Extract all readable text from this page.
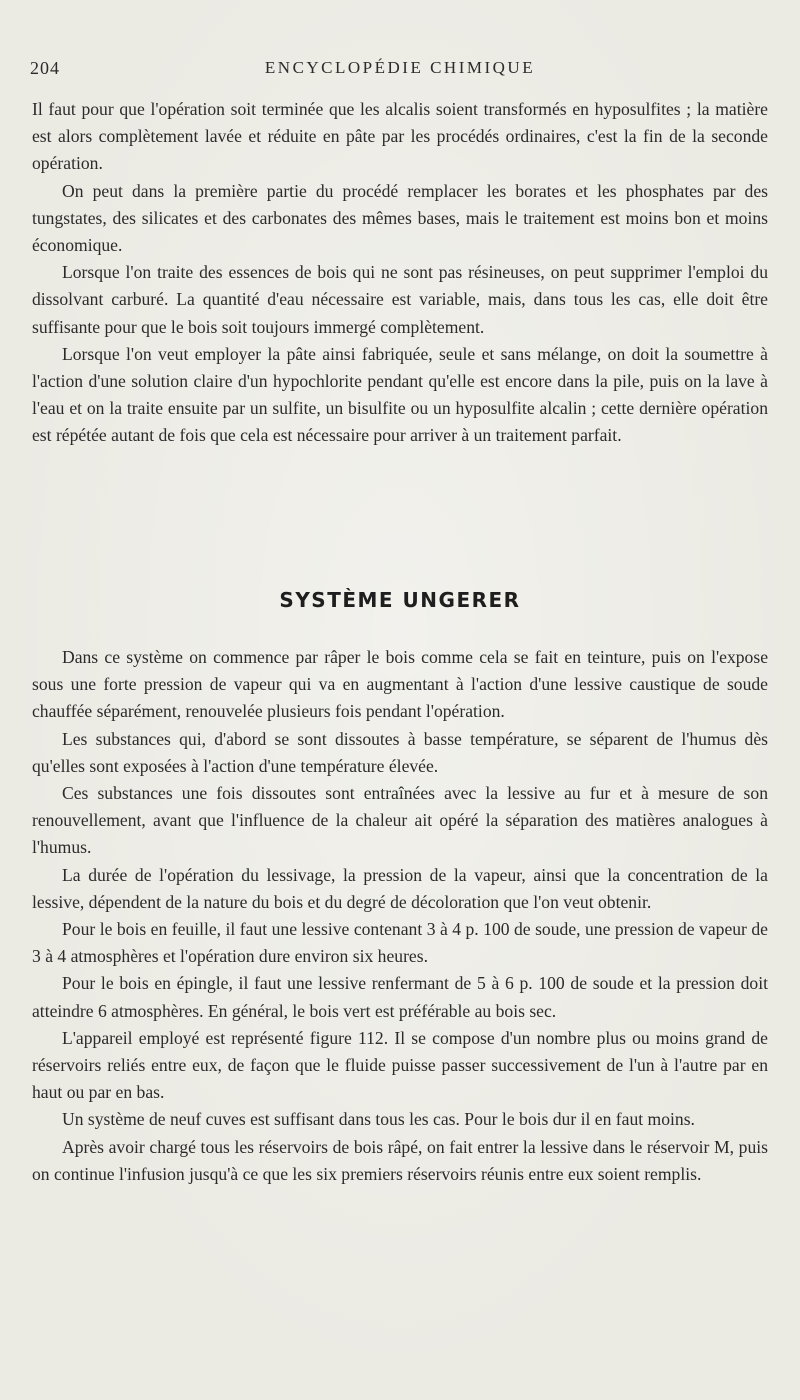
204	ENCYCLOPÉDIE CHIMIQUE

Il faut pour que l'opération soit terminée que les alcalis soient transformés en hyposulfites ; la matière est alors complètement lavée et réduite en pâte par les procédés ordinaires, c'est la fin de la seconde opération.

On peut dans la première partie du procédé remplacer les borates et les phosphates par des tungstates, des silicates et des carbonates des mêmes bases, mais le traitement est moins bon et moins économique.

Lorsque l'on traite des essences de bois qui ne sont pas résineuses, on peut supprimer l'emploi du dissolvant carburé. La quantité d'eau nécessaire est variable, mais, dans tous les cas, elle doit être suffisante pour que le bois soit toujours immergé complètement.

Lorsque l'on veut employer la pâte ainsi fabriquée, seule et sans mélange, on doit la soumettre à l'action d'une solution claire d'un hypochlorite pendant qu'elle est encore dans la pile, puis on la lave à l'eau et on la traite ensuite par un sulfite, un bisulfite ou un hyposulfite alcalin ; cette dernière opération est répétée autant de fois que cela est nécessaire pour arriver à un traitement parfait.

SYSTÈME UNGERER

Dans ce système on commence par râper le bois comme cela se fait en teinture, puis on l'expose sous une forte pression de vapeur qui va en augmentant à l'action d'une lessive caustique de soude chauffée séparément, renouvelée plusieurs fois pendant l'opération.

Les substances qui, d'abord se sont dissoutes à basse température, se séparent de l'humus dès qu'elles sont exposées à l'action d'une température élevée.

Ces substances une fois dissoutes sont entraînées avec la lessive au fur et à mesure de son renouvellement, avant que l'influence de la chaleur ait opéré la séparation des matières analogues à l'humus.

La durée de l'opération du lessivage, la pression de la vapeur, ainsi que la concentration de la lessive, dépendent de la nature du bois et du degré de décoloration que l'on veut obtenir.

Pour le bois en feuille, il faut une lessive contenant 3 à 4 p. 100 de soude, une pression de vapeur de 3 à 4 atmosphères et l'opération dure environ six heures.

Pour le bois en épingle, il faut une lessive renfermant de 5 à 6 p. 100 de soude et la pression doit atteindre 6 atmosphères. En général, le bois vert est préférable au bois sec.

L'appareil employé est représenté figure 112. Il se compose d'un nombre plus ou moins grand de réservoirs reliés entre eux, de façon que le fluide puisse passer successivement de l'un à l'autre par en haut ou par en bas.

Un système de neuf cuves est suffisant dans tous les cas. Pour le bois dur il en faut moins.

Après avoir chargé tous les réservoirs de bois râpé, on fait entrer la lessive dans le réservoir M, puis on continue l'infusion jusqu'à ce que les six premiers réservoirs réunis entre eux soient remplis.
